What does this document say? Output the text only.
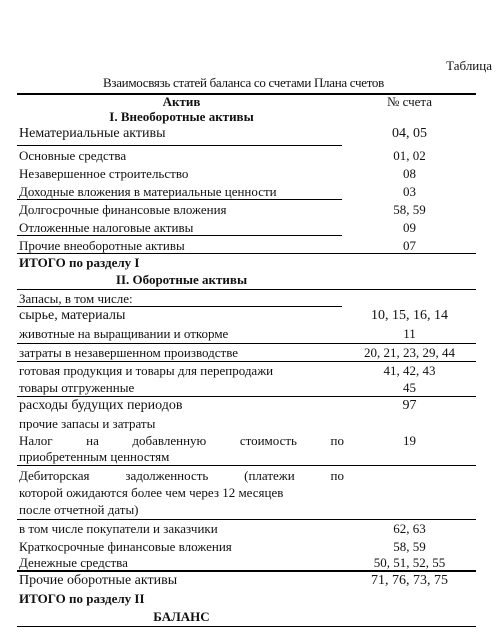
Таблица
Взаимосвязь статей баланса со счетами Плана счетов
Актив	№ счета
I. Внеоборотные активы
Нематериальные активы	04, 05
Основные средства	01, 02
Незавершенное строительство	08
Доходные вложения в материальные ценности	03
Долгосрочные финансовые вложения	58, 59
Отложенные налоговые активы	09
Прочие внеоборотные активы	07
ИТОГО по разделу I
II. Оборотные активы
Запасы, в том числе:
сырье, материалы	10, 15, 16, 14
животные на выращивании и откорме	11
затраты в незавершенном производстве	20, 21, 23, 29, 44
готовая продукция и товары для перепродажи	41, 42, 43
товары отгруженные	45
расходы будущих периодов	97
прочие запасы и затраты
Налог на добавленную стоимость по	19
приобретенным ценностям
Дебиторская задолженность (платежи по
которой ожидаются более чем через 12 месяцев
после отчетной даты)
в том числе покупатели и заказчики	62, 63
Краткосрочные финансовые вложения	58, 59
Денежные средства	50, 51, 52, 55
Прочие оборотные активы	71, 76, 73, 75
ИТОГО по разделу II
БАЛАНС
